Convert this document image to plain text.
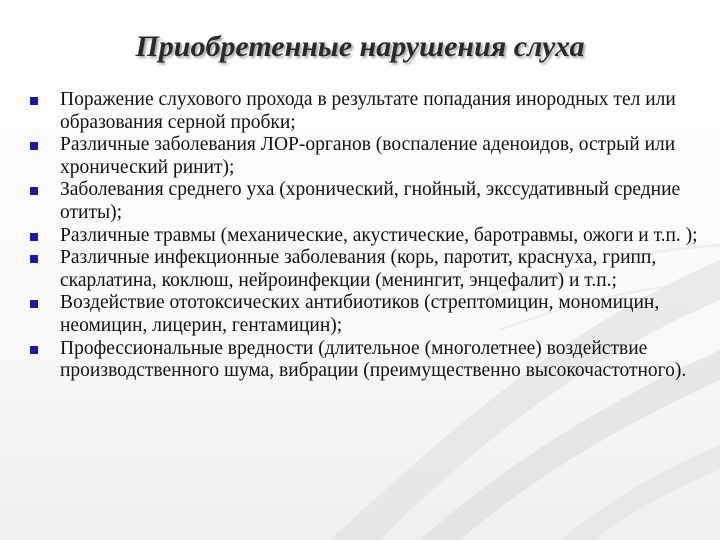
Приобретенные нарушения слуха
Поражение слухового прохода в результате попадания инородных тел или образования серной пробки;
Различные заболевания ЛОР-органов (воспаление аденоидов, острый или хронический ринит);
Заболевания среднего уха (хронический, гнойный, экссудативный средние отиты);
Различные травмы (механические, акустические, баротравмы, ожоги и т.п. );
Различные инфекционные заболевания (корь, паротит, краснуха, грипп, скарлатина, коклюш, нейроинфекции (менингит, энцефалит) и т.п.;
Воздействие ототоксических антибиотиков (стрептомицин, мономицин, неомицин, лицерин, гентамицин);
Профессиональные вредности (длительное (многолетнее) воздействие производственного шума, вибрации (преимущественно высокочастотного).
